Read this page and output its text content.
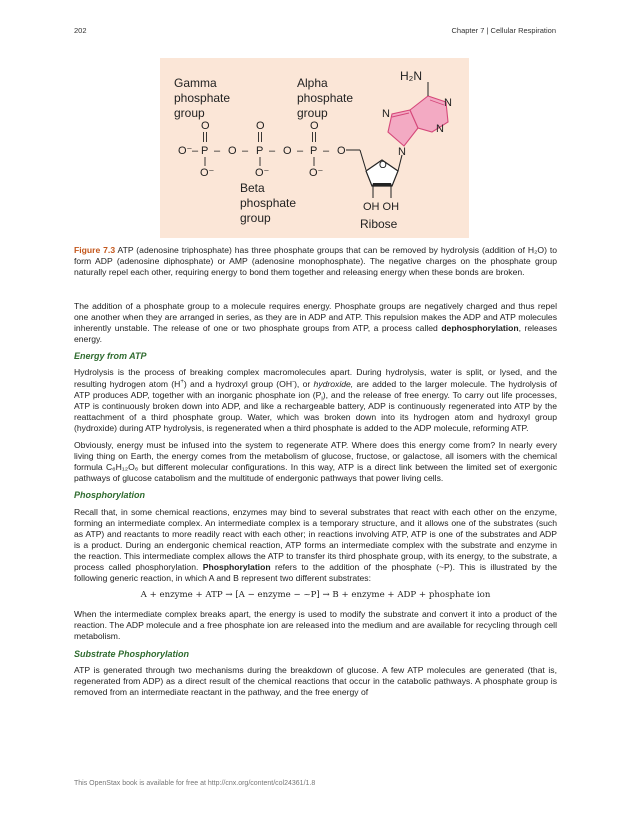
202	Chapter 7 | Cellular Respiration
Gamma
phosphate
group
Alpha
phosphate
group
Beta
phosphate
group
O	O	O
O⁻ – P – O – P – O – P – O
O⁻	O⁻	O⁻
O
OH OH
Ribose
H₂N
N
N
N
N
Figure 7.3 ATP (adenosine triphosphate) has three phosphate groups that can be removed by hydrolysis (addition of H₂O) to form ADP (adenosine diphosphate) or AMP (adenosine monophosphate). The negative charges on the phosphate group naturally repel each other, requiring energy to bond them together and releasing energy when these bonds are broken.

The addition of a phosphate group to a molecule requires energy. Phosphate groups are negatively charged and thus repel one another when they are arranged in series, as they are in ADP and ATP. This repulsion makes the ADP and ATP molecules inherently unstable. The release of one or two phosphate groups from ATP, a process called dephosphorylation, releases energy.

Energy from ATP

Hydrolysis is the process of breaking complex macromolecules apart. During hydrolysis, water is split, or lysed, and the resulting hydrogen atom (H+) and a hydroxyl group (OH-), or hydroxide, are added to the larger molecule. The hydrolysis of ATP produces ADP, together with an inorganic phosphate ion $(P_i)$, and the release of free energy. To carry out life processes, ATP is continuously broken down into ADP, and like a rechargeable battery, ADP is continuously regenerated into ATP by the reattachment of a third phosphate group. Water, which was broken down into its hydrogen atom and hydroxyl group (hydroxide) during ATP hydrolysis, is regenerated when a third phosphate is added to the ADP molecule, reforming ATP.

Obviously, energy must be infused into the system to regenerate ATP. Where does this energy come from? In nearly every living thing on Earth, the energy comes from the metabolism of glucose, fructose, or galactose, all isomers with the chemical formula C₆H₁₂O₆ but different molecular configurations. In this way, ATP is a direct link between the limited set of exergonic pathways of glucose catabolism and the multitude of endergonic pathways that power living cells.

Phosphorylation

Recall that, in some chemical reactions, enzymes may bind to several substrates that react with each other on the enzyme, forming an intermediate complex. An intermediate complex is a temporary structure, and it allows one of the substrates (such as ATP) and reactants to more readily react with each other; in reactions involving ATP, ATP is one of the substrates and ADP is a product. During an endergonic chemical reaction, ATP forms an intermediate complex with the substrate and enzyme in the reaction. This intermediate complex allows the ATP to transfer its third phosphate group, with its energy, to the substrate, a process called phosphorylation. Phosphorylation refers to the addition of the phosphate (~P). This is illustrated by the following generic reaction, in which A and B represent two different substrates:

A + enzyme + ATP → [A − enzyme − ~P] → B + enzyme + ADP + phosphate ion

When the intermediate complex breaks apart, the energy is used to modify the substrate and convert it into a product of the reaction. The ADP molecule and a free phosphate ion are released into the medium and are available for recycling through cell metabolism.

Substrate Phosphorylation

ATP is generated through two mechanisms during the breakdown of glucose. A few ATP molecules are generated (that is, regenerated from ADP) as a direct result of the chemical reactions that occur in the catabolic pathways. A phosphate group is removed from an intermediate reactant in the pathway, and the free energy of

This OpenStax book is available for free at http://cnx.org/content/col24361/1.8
